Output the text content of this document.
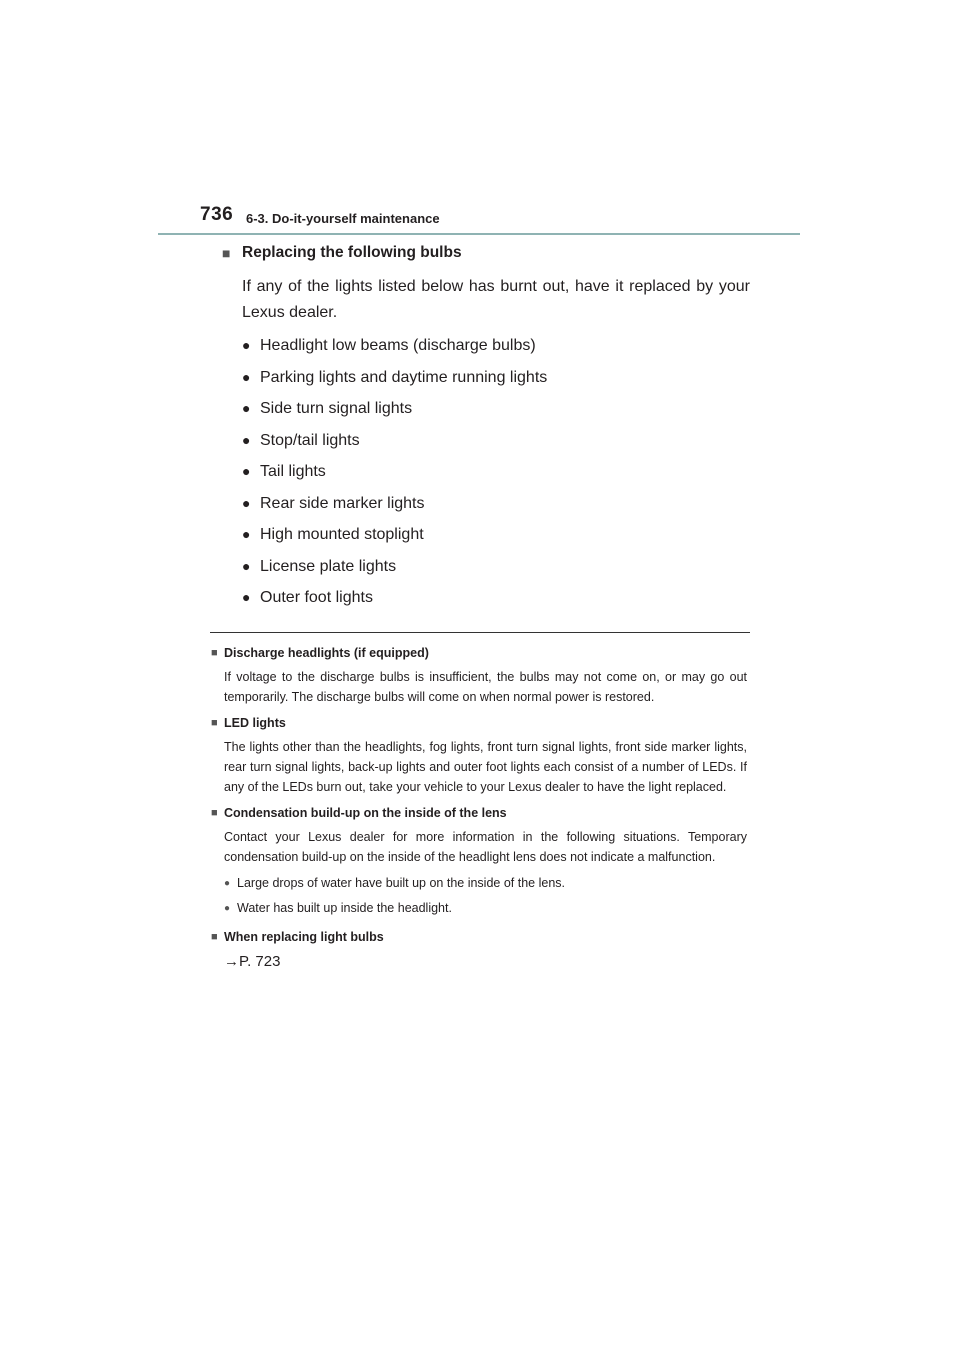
736 6-3. Do-it-yourself maintenance
■ Replacing the following bulbs

If any of the lights listed below has burnt out, have it replaced by your Lexus dealer.

● Headlight low beams (discharge bulbs)
● Parking lights and daytime running lights
● Side turn signal lights
● Stop/tail lights
● Tail lights
● Rear side marker lights
● High mounted stoplight
● License plate lights
● Outer foot lights
■ Discharge headlights (if equipped)

If voltage to the discharge bulbs is insufficient, the bulbs may not come on, or may go out temporarily. The discharge bulbs will come on when normal power is restored.

■ LED lights

The lights other than the headlights, fog lights, front turn signal lights, front side marker lights, rear turn signal lights, back-up lights and outer foot lights each consist of a number of LEDs. If any of the LEDs burn out, take your vehicle to your Lexus dealer to have the light replaced.

■ Condensation build-up on the inside of the lens

Contact your Lexus dealer for more information in the following situations. Temporary condensation build-up on the inside of the headlight lens does not indicate a malfunction.

● Large drops of water have built up on the inside of the lens.
● Water has built up inside the headlight.
■ When replacing light bulbs

→P. 723
